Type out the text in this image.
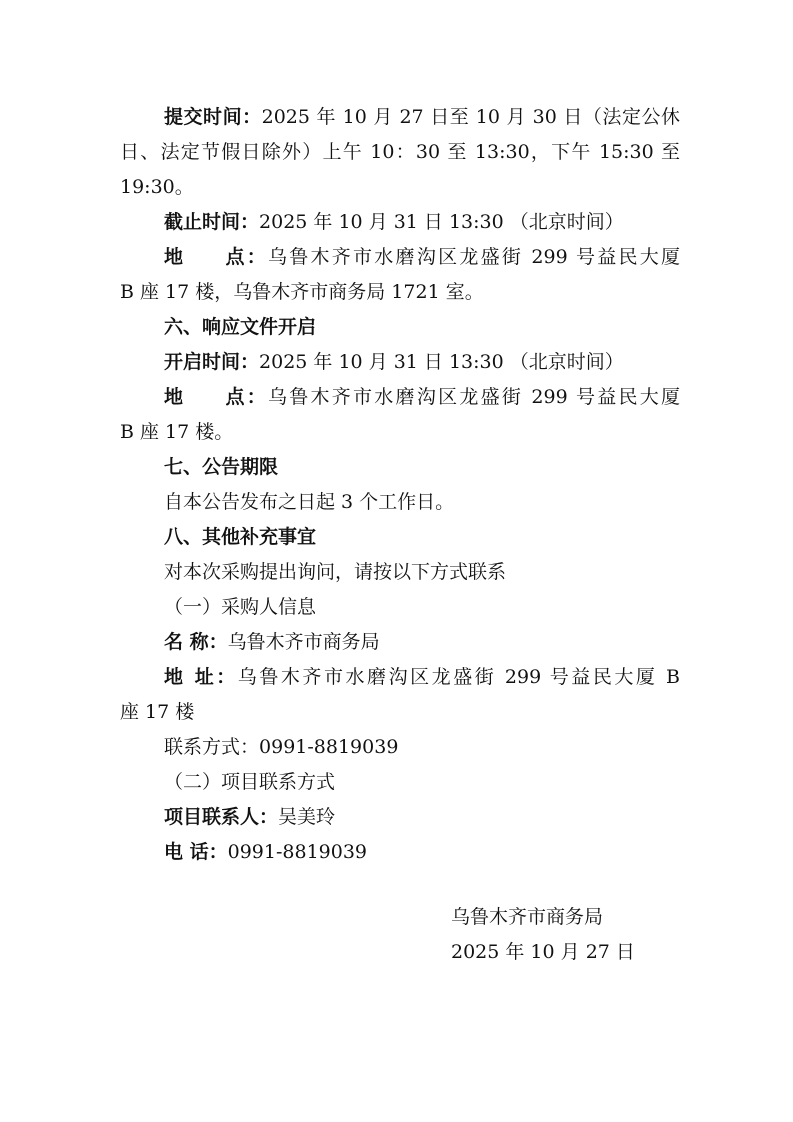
提交时间：2025 年 10 月 27 日至 10 月 30 日（法定公休
日、法定节假日除外）上午 10：30 至 13:30，下午 15:30 至
19:30。
截止时间：2025 年 10 月 31 日 13:30 （北京时间）
地 点：乌鲁木齐市水磨沟区龙盛街 299 号益民大厦
B 座 17 楼，乌鲁木齐市商务局 1721 室。
六、响应文件开启
开启时间：2025 年 10 月 31 日 13:30 （北京时间）
地 点：乌鲁木齐市水磨沟区龙盛街 299 号益民大厦
B 座 17 楼。
七、公告期限
自本公告发布之日起 3 个工作日。
八、其他补充事宜
对本次采购提出询问，请按以下方式联系
（一）采购人信息
名 称：乌鲁木齐市商务局
地 址：乌鲁木齐市水磨沟区龙盛街 299 号益民大厦 B
座 17 楼
联系方式：0991-8819039
（二）项目联系方式
项目联系人：吴美玲
电 话：0991-8819039
乌鲁木齐市商务局
2025 年 10 月 27 日
